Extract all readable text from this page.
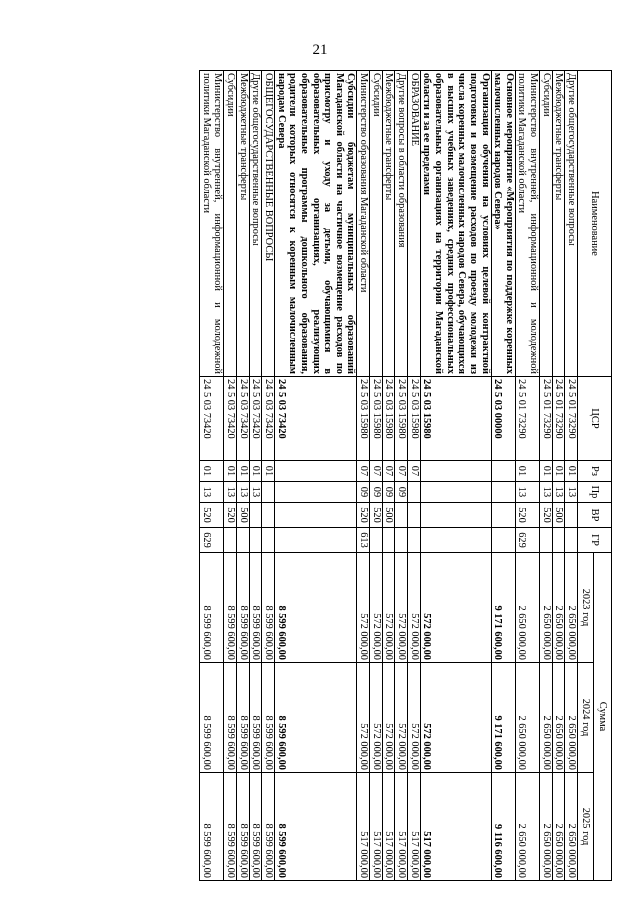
21
Наименование	ЦСР	Рз	Пр	ВР	ГР	Сумма		
						2023 год	2024 год	2025 год
Другие общегосударственные вопросы	24 5 01 73290	01	13			2 650 000,00	2 650 000,00	2 650 000,00
Межбюджетные трансферты	24 5 01 73290	01	13	500		2 650 000,00	2 650 000,00	2 650 000,00
Субсидии	24 5 01 73290	01	13	520		2 650 000,00	2 650 000,00	2 650 000,00
Министерство внутренней, информационной и молодежной политики Магаданской области	24 5 01 73290	01	13	520	629	2 650 000,00	2 650 000,00	2 650 000,00
Основное мероприятие «Мероприятия по поддержке коренных малочисленных народов Севера»	24 5 03 00000					9 171 600,00	9 171 600,00	9 116 600,00
Организация обучения на условиях целевой контрактной подготовки и возмещение расходов по проезду молодежи из числа коренных малочисленных народов Севера, обучающихся в высших учебных заведениях, средних профессиональных образовательных организациях на территории Магаданской области и за ее пределами	24 5 03 15980					572 000,00	572 000,00	517 000,00
ОБРАЗОВАНИЕ	24 5 03 15980	07				572 000,00	572 000,00	517 000,00
Другие вопросы в области образования	24 5 03 15980	07	09			572 000,00	572 000,00	517 000,00
Межбюджетные трансферты	24 5 03 15980	07	09	500		572 000,00	572 000,00	517 000,00
Субсидии	24 5 03 15980	07	09	520		572 000,00	572 000,00	517 000,00
Министерство образования Магаданской области	24 5 03 15980	07	09	520	613	572 000,00	572 000,00	517 000,00
Субсидии бюджетам муниципальных образований Магаданской области на частичное возмещение расходов по присмотру и уходу за детьми, обучающимися в образовательных организациях, реализующих образовательные программы дошкольного образования, родители которых относятся к коренным малочисленным народам Севера	24 5 03 73420					8 599 600,00	8 599 600,00	8 599 600,00
ОБЩЕГОСУДАРСТВЕННЫЕ ВОПРОСЫ	24 5 03 73420	01				8 599 600,00	8 599 600,00	8 599 600,00
Другие общегосударственные вопросы	24 5 03 73420	01	13			8 599 600,00	8 599 600,00	8 599 600,00
Межбюджетные трансферты	24 5 03 73420	01	13	500		8 599 600,00	8 599 600,00	8 599 600,00
Субсидии	24 5 03 73420	01	13	520		8 599 600,00	8 599 600,00	8 599 600,00
Министерство внутренней, информационной и молодежной политики Магаданской области	24 5 03 73420	01	13	520	629	8 599 600,00	8 599 600,00	8 599 600,00
